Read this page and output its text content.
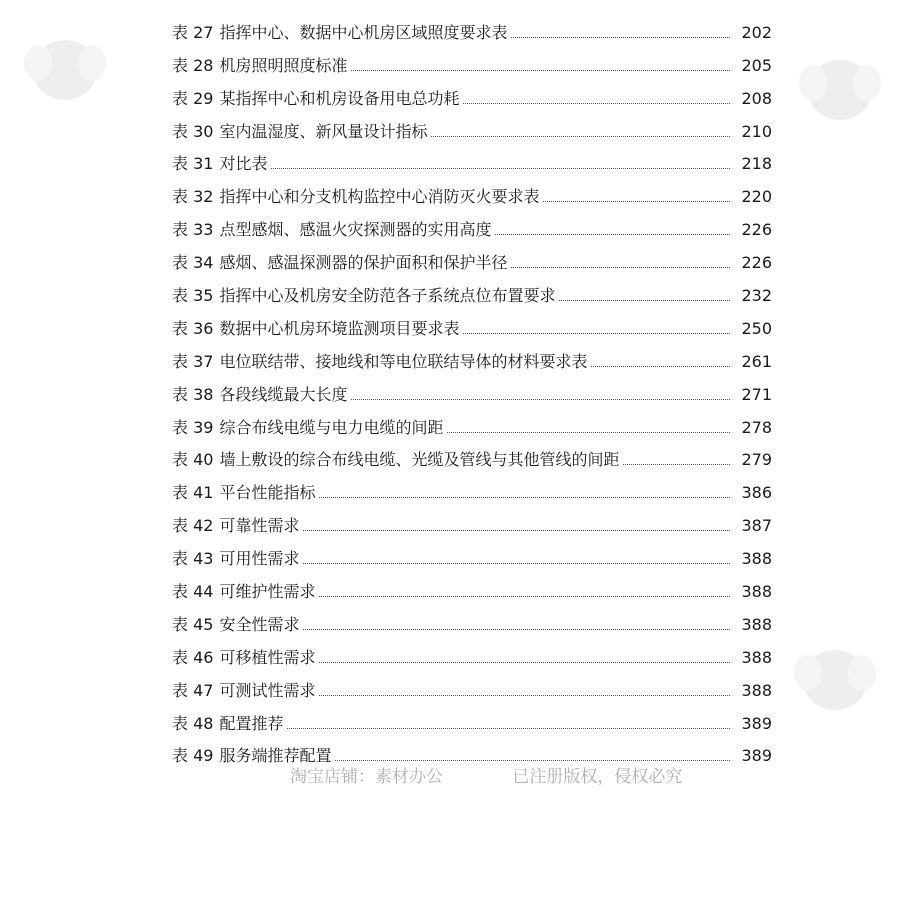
表 27 指挥中心、数据中心机房区域照度要求表	202
表 28 机房照明照度标准	205
表 29 某指挥中心和机房设备用电总功耗	208
表 30 室内温湿度、新风量设计指标	210
表 31 对比表	218
表 32 指挥中心和分支机构监控中心消防灭火要求表	220
表 33 点型感烟、感温火灾探测器的实用高度	226
表 34 感烟、感温探测器的保护面积和保护半径	226
表 35 指挥中心及机房安全防范各子系统点位布置要求	232
表 36 数据中心机房环境监测项目要求表	250
表 37 电位联结带、接地线和等电位联结导体的材料要求表	261
表 38 各段线缆最大长度	271
表 39 综合布线电缆与电力电缆的间距	278
表 40 墙上敷设的综合布线电缆、光缆及管线与其他管线的间距	279
表 41 平台性能指标	386
表 42 可靠性需求	387
表 43 可用性需求	388
表 44 可维护性需求	388
表 45 安全性需求	388
表 46 可移植性需求	388
表 47 可测试性需求	388
表 48 配置推荐	389
表 49 服务端推荐配置	389
淘宝店铺：素材办公	已注册版权，侵权必究
